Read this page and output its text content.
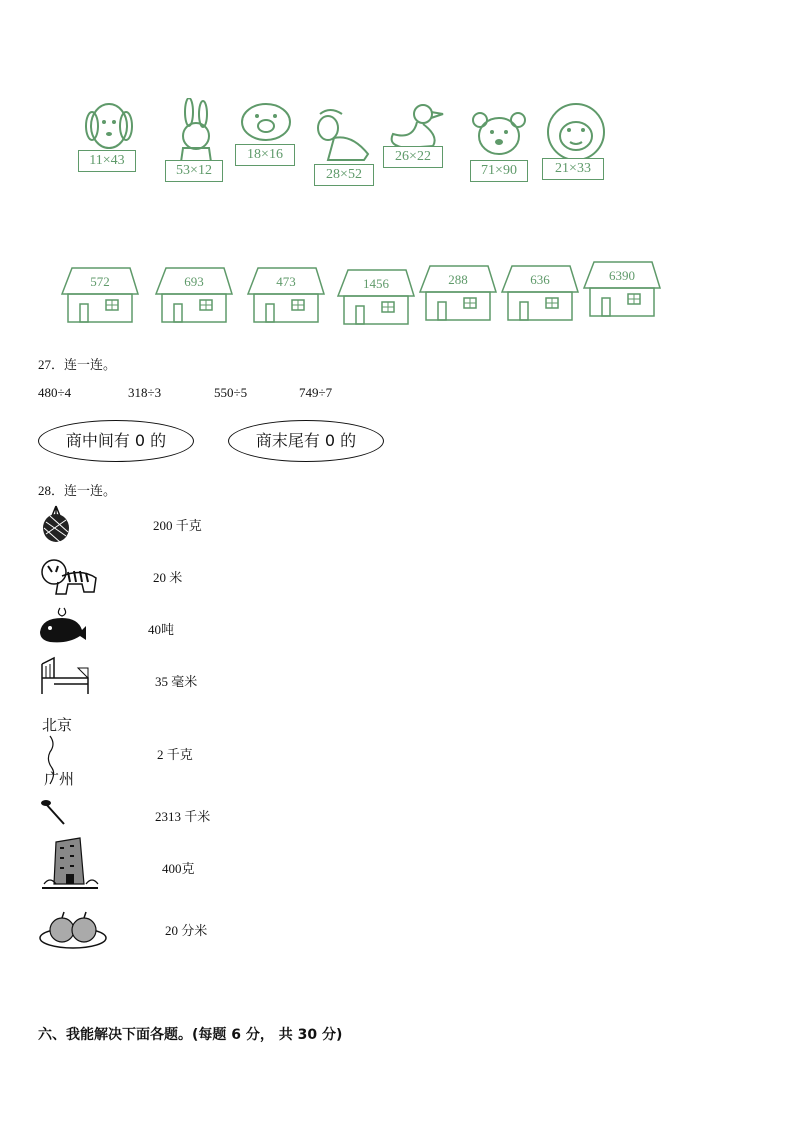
11×43
53×12
18×16
28×52
26×22
71×90	21×33
572	693	473	1456	288	636	6390
27．连一连。
480÷4	318÷3	550÷5	749÷7
商中间有 0 的	商末尾有 0 的
28．连一连。
200 千克
20 米
40吨
35 毫米
北京
广州
2 千克
2313 千米
400克
20 分米
六、我能解决下面各题。(每题 6 分， 共 30 分)
